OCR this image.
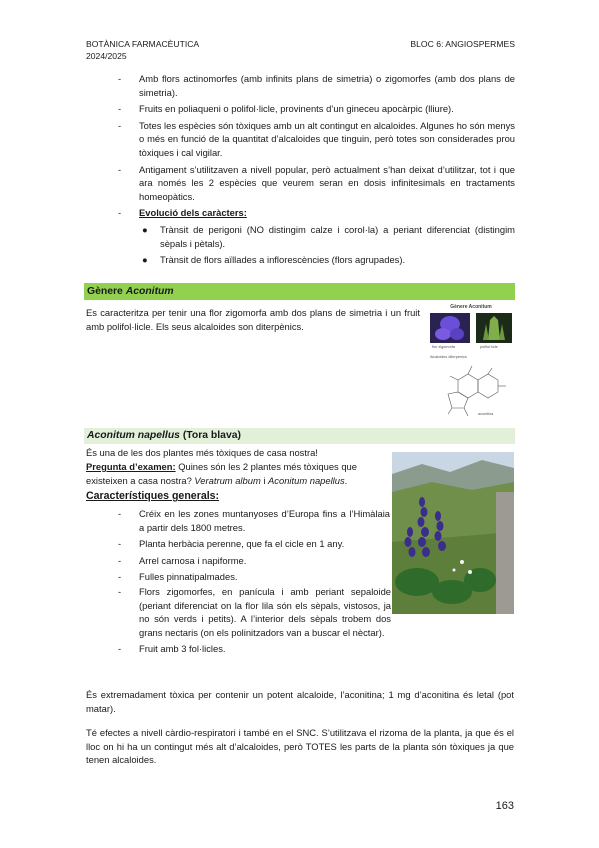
BOTÀNICA FARMACÈUTICA
2024/2025
BLOC 6: ANGIOSPERMES
- Amb flors actinomorfes (amb infinits plans de simetria) o zigomorfes (amb dos plans de simetria).
- Fruits en poliaqueni o polifol·licle, provinents d’un gineceu apocàrpic (lliure).
- Totes les espècies són tòxiques amb un alt contingut en alcaloides. Algunes ho són menys o més en funció de la quantitat d’alcaloides que tinguin, però totes son considerades prou tòxiques i cal vigilar.
- Antigament s’utilitzaven a nivell popular, però actualment s’han deixat d’utilitzar, tot i que ara només les 2 espècies que veurem seran en dosis infinitesimals en tractaments homeopàtics.
- Evolució dels caràcters:
● Trànsit de perigoni (NO distingim calze i corol·la) a periant diferenciat (distingim sèpals i pètals).
● Trànsit de flors aïllades a inflorescències (flors agrupades).
Gènere Aconitum
Es caracteritza per tenir una flor zigomorfa amb dos plans de simetria i un fruit amb polifol·licle. Els seus alcaloides son diterpènics.
Gènere Aconitum
flor zigomorfa	polifol·licle
Alcaloides diterpènics
aconitina
Aconitum napellus (Tora blava)
És una de les dos plantes més tòxiques de casa nostra!
Pregunta d’examen: Quines són les 2 plantes més tòxiques que existeixen a casa nostra? Veratrum album i Aconitum napellus.
Característiques generals:
- Créix en les zones muntanyoses d’Europa fins a l’Himàlaia a partir dels 1800 metres.
- Planta herbàcia perenne, que fa el cicle en 1 any.
- Arrel carnosa i napiforme.
- Fulles pinnatipalmades.
- Flors zigomorfes, en panícula i amb periant sepaloide (periant diferenciat on la flor lila són els sèpals, vistosos, ja no són verds i petits). A l’interior dels sèpals trobem dos grans nectaris (on els polinitzadors van a buscar el nèctar).
- Fruit amb 3 fol·licles.
És extremadament tòxica per contenir un potent alcaloide, l’aconitina; 1 mg d’aconitina és letal (pot matar).
Té efectes a nivell càrdio-respiratori i també en el SNC. S’utilitzava el rizoma de la planta, ja que és el lloc on hi ha un contingut més alt d’alcaloides, però TOTES les parts de la planta són tòxiques ja que tenen alcaloides.
163
